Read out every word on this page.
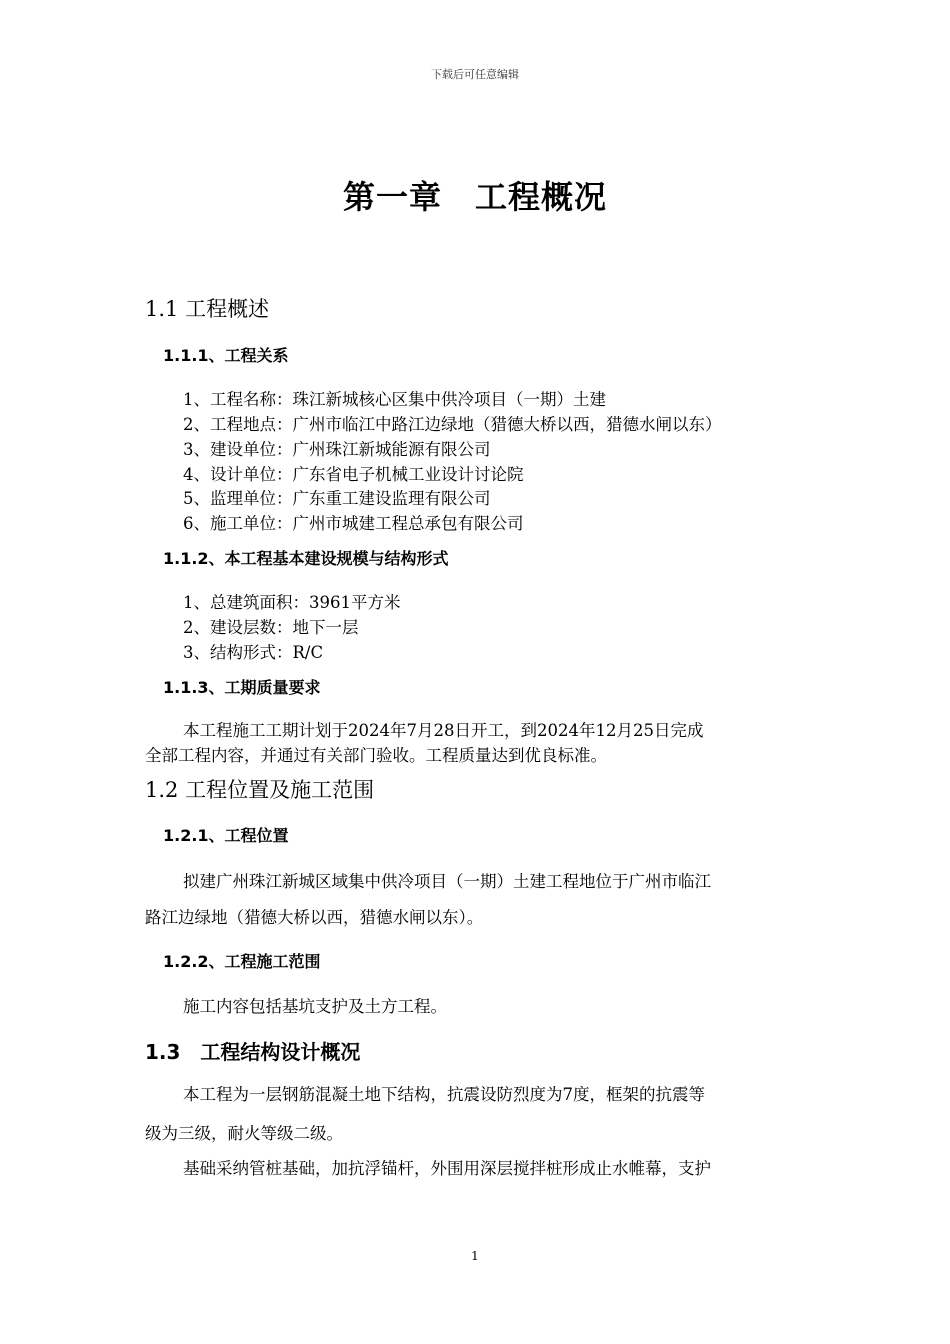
下载后可任意编辑
第一章　工程概况
1.1 工程概述
1.1.1、工程关系
1、工程名称：珠江新城核心区集中供冷项目（一期）土建
2、工程地点：广州市临江中路江边绿地（猎德大桥以西，猎德水闸以东）
3、建设单位：广州珠江新城能源有限公司
4、设计单位：广东省电子机械工业设计讨论院
5、监理单位：广东重工建设监理有限公司
6、施工单位：广州市城建工程总承包有限公司
1.1.2、本工程基本建设规模与结构形式
1、总建筑面积：3961平方米
2、建设层数：地下一层
3、结构形式：R/C
1.1.3、工期质量要求
本工程施工工期计划于2024年7月28日开工，到2024年12月25日完成
全部工程内容，并通过有关部门验收。工程质量达到优良标准。
1.2 工程位置及施工范围
1.2.1、工程位置
拟建广州珠江新城区域集中供冷项目（一期）土建工程地位于广州市临江
路江边绿地（猎德大桥以西，猎德水闸以东）。
1.2.2、工程施工范围
施工内容包括基坑支护及土方工程。
1.3　工程结构设计概况
本工程为一层钢筋混凝土地下结构，抗震设防烈度为7度，框架的抗震等
级为三级，耐火等级二级。
基础采纳管桩基础，加抗浮锚杆，外围用深层搅拌桩形成止水帷幕，支护
1
